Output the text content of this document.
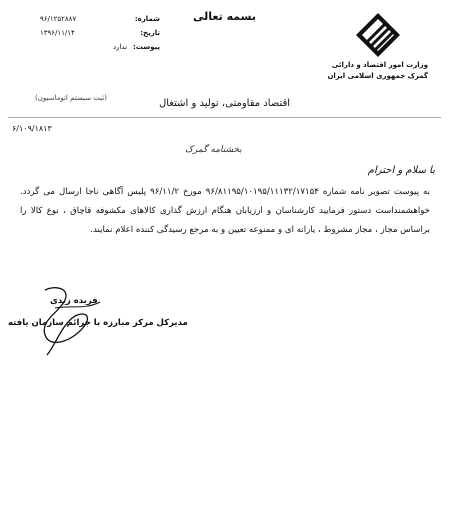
بسمه تعالی
شماره:
۹۶/۱۲۵۲۸۸۷
تاریخ:
۱۳۹۶/۱۱/۱۴
پیوست:
ندارد
(ثبت سیستم اتوماسیون)
وزارت امور اقتصاد و دارائی
گمرک جمهوری اسلامی ایران
اقتصاد مقاومتی، تولید و اشتغال
۶/۱۰۹/۱۸۱۳
بخشنامه گمرک
با سلام و احترام
به پیوست تصویر نامه شماره ۹۶/۸۱۱۹۵/۱۰۱۹۵/۱۱۱۳۲/۱۷۱۵۴ مورخ ۹۶/۱۱/۲ پلیس آگاهی ناجا ارسال می گردد. خواهشمنداست دستور فرمایید کارشناسان و ارزیابان هنگام ارزش گذاری کالاهای مکشوفه قاچاق ، نوع کالا را براساس مجاز ، مجاز مشروط ، یارانه ای و ممنوعه تعیین و به مرجع رسیدگی کننده اعلام نمایند.
فریده زیدی
مدیرکل مرکز مبارزه با جرائم سازمان یافته
